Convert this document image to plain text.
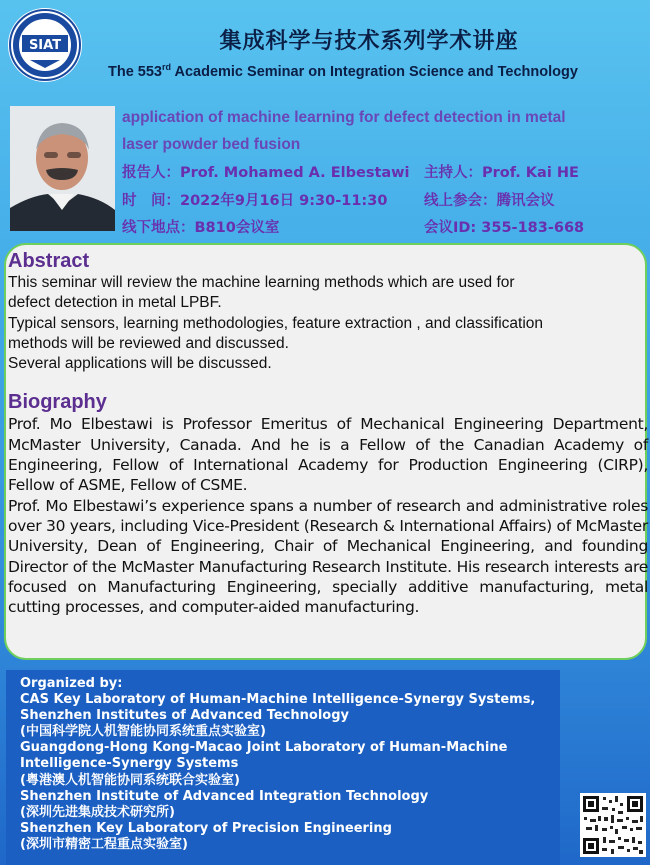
SIAT	集成科学与技术系列学术讲座
The 553rd Academic Seminar on Integration Science and Technology
application of machine learning for defect detection in metal
laser powder bed fusion
报告人：Prof. Mohamed A. Elbestawi 主持人：Prof. Kai HE
时　间：2022年9月16日 9:30-11:30	线上参会：腾讯会议
线下地点：B810会议室	会议ID: 355-183-668
Abstract
This seminar will review the machine learning methods which are used for
defect detection in metal LPBF.
Typical sensors, learning methodologies, feature extraction , and classification
methods will be reviewed and discussed.
Several applications will be discussed.
Biography
Prof. Mo Elbestawi is Professor Emeritus of Mechanical Engineering Department, McMaster University, Canada. And he is a Fellow of the Canadian Academy of Engineering, Fellow of International Academy for Production Engineering (CIRP), Fellow of ASME, Fellow of CSME.
Prof. Mo Elbestawi’s experience spans a number of research and administrative roles over 30 years, including Vice-President (Research & International Affairs) of McMaster University, Dean of Engineering, Chair of Mechanical Engineering, and founding Director of the McMaster Manufacturing Research Institute. His research interests are focused on Manufacturing Engineering, specially additive manufacturing, metal cutting processes, and computer-aided manufacturing.
Organized by:
CAS Key Laboratory of Human-Machine Intelligence-Synergy Systems,
Shenzhen Institutes of Advanced Technology
(中国科学院人机智能协同系统重点实验室)
Guangdong-Hong Kong-Macao Joint Laboratory of Human-Machine
Intelligence-Synergy Systems
(粤港澳人机智能协同系统联合实验室)
Shenzhen Institute of Advanced Integration Technology
(深圳先进集成技术研究所)
Shenzhen Key Laboratory of Precision Engineering
(深圳市精密工程重点实验室)
